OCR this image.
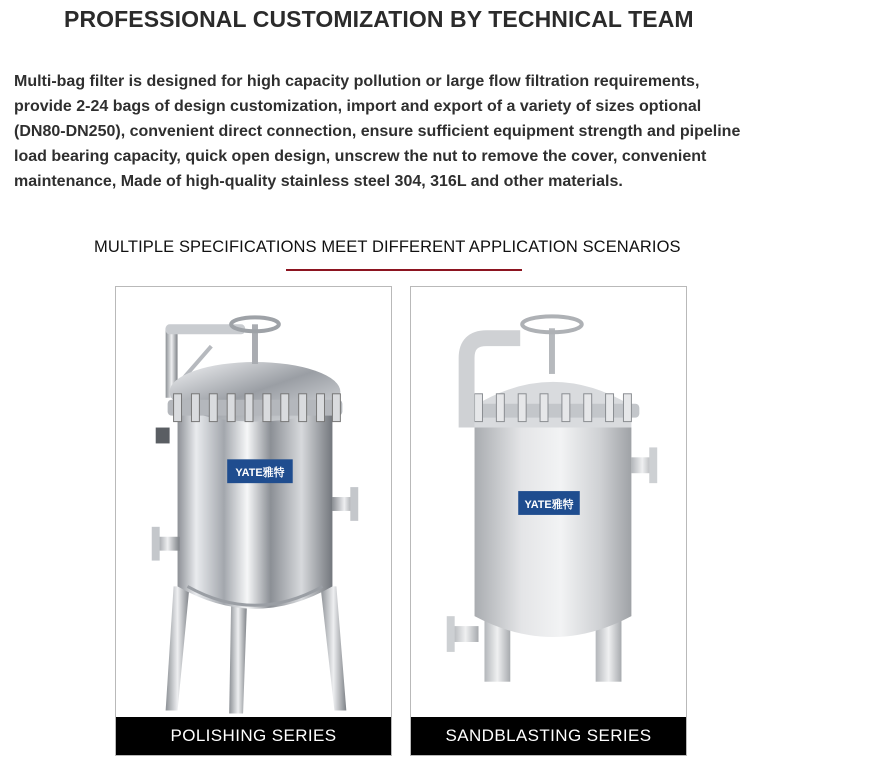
PROFESSIONAL CUSTOMIZATION BY TECHNICAL TEAM

Multi-bag filter is designed for high capacity pollution or large flow filtration requirements,
provide 2-24 bags of design customization, import and export of a variety of sizes optional
(DN80-DN250), convenient direct connection, ensure sufficient equipment strength and pipeline
load bearing capacity, quick open design, unscrew the nut to remove the cover, convenient
maintenance, Made of high-quality stainless steel 304, 316L and other materials.

MULTIPLE SPECIFICATIONS MEET DIFFERENT APPLICATION SCENARIOS
YATE雅特
POLISHING SERIES
YATE雅特
SANDBLASTING SERIES
